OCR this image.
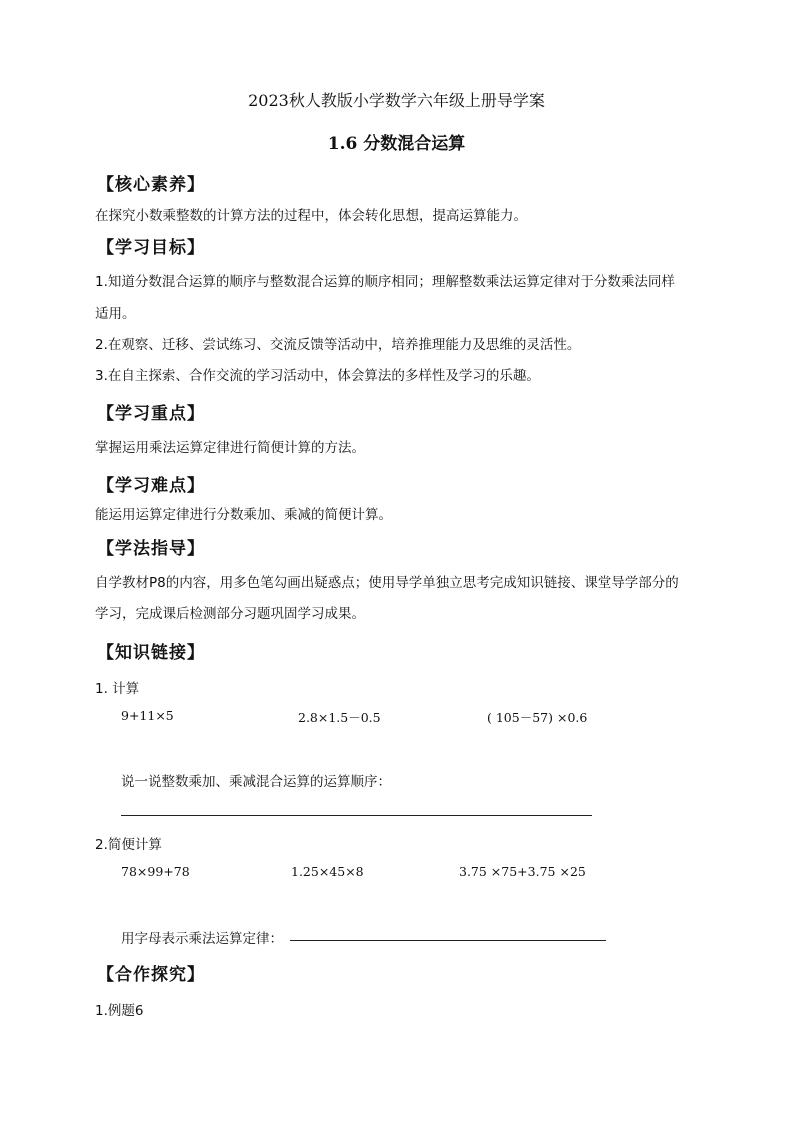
2023秋人教版小学数学六年级上册导学案
1.6 分数混合运算
【核心素养】
在探究小数乘整数的计算方法的过程中，体会转化思想，提高运算能力。
【学习目标】
1.知道分数混合运算的顺序与整数混合运算的顺序相同；理解整数乘法运算定律对于分数乘法同样
适用。
2.在观察、迁移、尝试练习、交流反馈等活动中，培养推理能力及思维的灵活性。
3.在自主探索、合作交流的学习活动中，体会算法的多样性及学习的乐趣。
【学习重点】
掌握运用乘法运算定律进行简便计算的方法。
【学习难点】
能运用运算定律进行分数乘加、乘减的简便计算。
【学法指导】
自学教材P8的内容，用多色笔勾画出疑惑点；使用导学单独立思考完成知识链接、课堂导学部分的
学习，完成课后检测部分习题巩固学习成果。
【知识链接】
1. 计算
9+11×5	2.8×1.5－0.5	( 105－57) ×0.6
说一说整数乘加、乘减混合运算的运算顺序：
2.简便计算
78×99+78	1.25×45×8	3.75 ×75+3.75 ×25
用字母表示乘法运算定律：
【合作探究】
1.例题6
